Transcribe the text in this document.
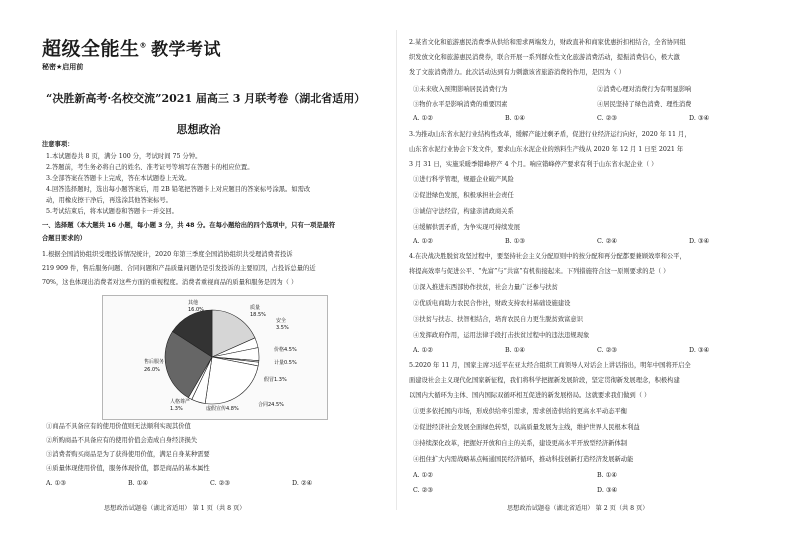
超级全能生® 教学考试
秘密★启用前
“决胜新高考·名校交流”2021 届高三 3 月联考卷（湖北省适用）
思想政治
注意事项：
1.本试题卷共 8 页，满分 100 分，考试时间 75 分钟。
2.答题前，考生务必将自己的姓名、准考证号等填写在答题卡的相应位置。
3.全部答案在答题卡上完成，答在本试题卷上无效。
4.回答选择题时，选出每小题答案后，用 2B 铅笔把答题卡上对应题目的答案标号涂黑。如需改
动，用橡皮擦干净后，再选涂其他答案标号。
5.考试结束后，将本试题卷和答题卡一并交回。
一、选择题（本大题共 16 小题，每小题 3 分，共 48 分。在每小题给出的四个选项中，只有一项是最符
合题目要求的）
1.根据全国消协组织受理投诉情况统计，2020 年第三季度全国消协组织共受理消费者投诉
219 909 件，售后服务问题、合同问题和产品质量问题仍是引发投诉的主要原因，占投诉总量的近
70%，这也体现出消费者对这些方面的重视程度。消费者重视商品的质量和服务是因为（ ）
18.5%
质量
3.5%
安全
价格4.5%
计量0.5%
假冒1.3%
合同24.5%
虚假宣传4.8%
1.3%
人格尊严
26.0%
售后服务
16.0%
其他
①商品不具备应有的使用价值则无法顺利实现其价值
②所购商品不具备应有的使用价值会造成自身经济损失
③消费者购买商品是为了获得使用价值，满足自身某种需要
④质量体现使用价值，服务体现价值，都是商品的基本属性
A. ①③	B. ①④	C. ②③	D. ②④
思想政治试题卷（湖北省适用） 第 1 页（共 8 页）
2.某省文化和旅游惠民消费季从供给和需求两端发力，财政直补和商家优惠折扣相结合，全省协同组
织发放文化和旅游惠民消费券，联合开展一系列群众性文化旅游消费活动，提振消费信心，极大激
发了文旅消费潜力。此次活动达到有力刺激该省旅游消费的作用，是因为（ ）
①未来收入预期影响居民消费行为	②消费心理对消费行为有明显影响
③物价水平是影响消费的重要因素	④居民坚持了绿色消费、理性消费
A. ①②	B. ①④	C. ②③	D. ③④
3.为推动山东省水泥行业结构性改革，缓解产能过剩矛盾，促进行业经济运行向好，2020 年 11 月，
山东省水泥行业协会下发文件，要求山东水泥企业的熟料生产线从 2020 年 12 月 1 日至 2021 年
3 月 31 日，实施采暖季错峰停产 4 个月。响应错峰停产要求有利于山东省水泥企业（ ）
①进行科学管理，规避企业破产风险
②促进绿色发展，积极承担社会责任
③诚信守法经营，构建亲清政商关系
④缓解供需矛盾，为争实现可持续发展
A. ①②	B. ①③	C. ②④	D. ③④
4.在决战决胜脱贫攻坚过程中，要坚持社会主义分配原则中的按分配和再分配都要兼顾效率和公平，
将提高效率与促进公平、“先富”与“共富”有机衔接起来。下列措施符合这一原则要求的是（ ）
①深入推进东西部协作扶贫，社会力量广泛参与扶贫
②优质电商助力农民合作社，财政支持农村基础设施建设
③扶贫与扶志、扶智相结合，培育农民自力更生脱贫致富意识
④发挥政府作用，运用法律手段打击扶贫过程中的违法违规现象
A. ①②	B. ①④	C. ②③	D. ③④
5.2020 年 11 月，国家主席习近平在亚太经合组织工商领导人对话会上讲话指出，明年中国将开启全
面建设社会主义现代化国家新征程，我们将科学把握新发展阶段，坚定贯彻新发展理念，积极构建
以国内大循环为主体、国内国际双循环相互促进的新发展格局。这就要求我们做到（ ）
①更多依托国内市场，形成供给牵引需求，需求创造供给的更高水平动态平衡
②促进经济社会发展全面绿色转型，以高质量发展为主线，维护世界人民根本利益
③持续深化改革，把握好开放和自主的关系，建设更高水平开放型经济新体制
④扭住扩大内需战略基点畅通国民经济循环，推动科技创新打造经济发展新动能
A. ①②	B. ①④
C. ②③	D. ③④
思想政治试题卷（湖北省适用） 第 2 页（共 8 页）
